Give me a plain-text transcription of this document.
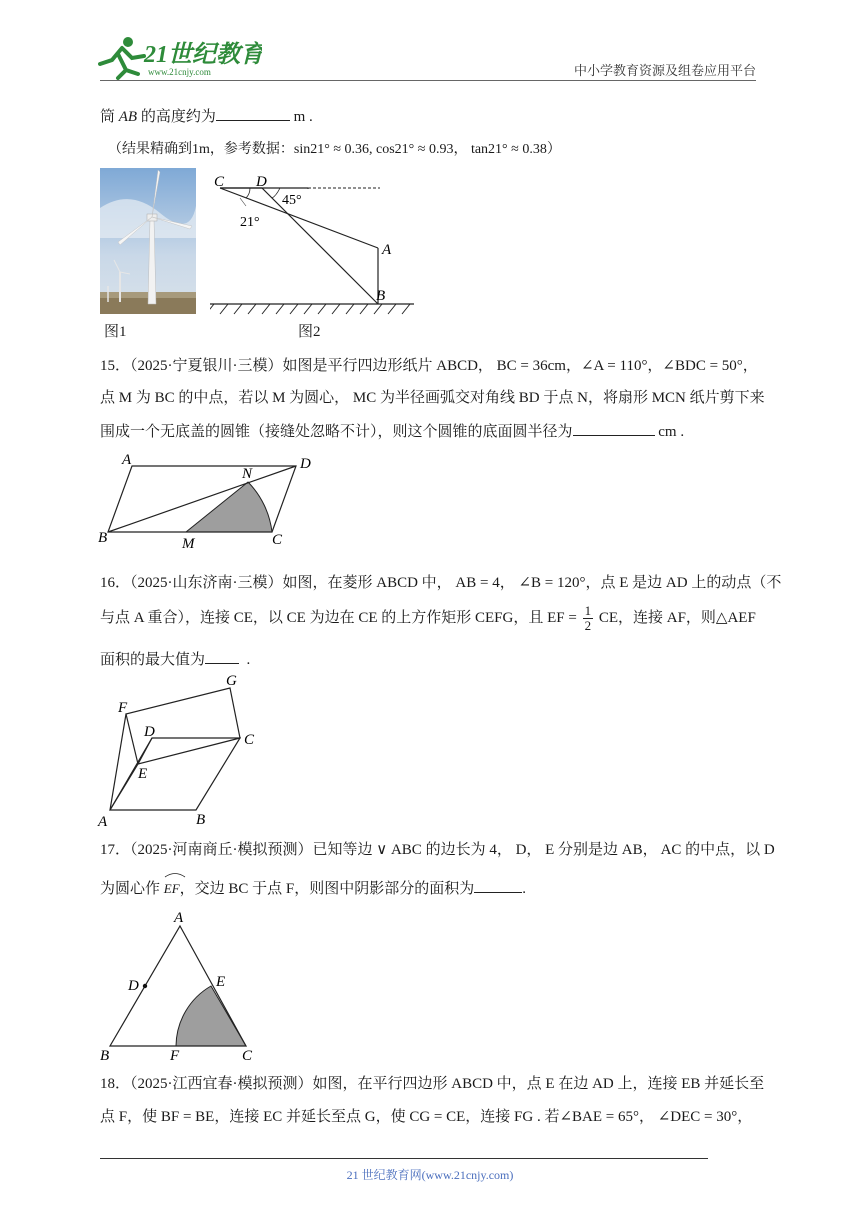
21世纪教育
www.21cnjy.com	中小学教育资源及组卷应用平台
筒 AB 的高度约为	m .
（结果精确到1m，参考数据：sin21° ≈ 0.36, cos21° ≈ 0.93， tan21° ≈ 0.38）
图1
C D
45°
21°
A
B
图2
15．（2025·宁夏银川·三模）如图是平行四边形纸片 ABCD， BC = 36cm，∠A = 110°，∠BDC = 50°，
点 M 为 BC 的中点，若以 M 为圆心， MC 为半径画弧交对角线 BD 于点 N，将扇形 MCN 纸片剪下来
围成一个无底盖的圆锥（接缝处忽略不计），则这个圆锥的底面圆半径为	cm .
A	D
N
B	M	C
16．（2025·山东济南·三模）如图，在菱形 ABCD 中， AB = 4， ∠B = 120°，点 E 是边 AD 上的动点（不
与点 A 重合），连接 CE，以 CE 为边在 CE 的上方作矩形 CEFG，且 EF = $\frac{1}{2}$ CE，连接 AF，则△AEF
面积的最大值为	.
G
F
D	C
E
A	B
17．（2025·河南商丘·模拟预测）已知等边 ∨ ABC 的边长为 4， D， E 分别是边 AB， AC 的中点，以 D
为圆心作 EF，交边 BC 于点 F，则图中阴影部分的面积为	.
A
D	E
B	F	C
18．（2025·江西宜春·模拟预测）如图，在平行四边形 ABCD 中，点 E 在边 AD 上，连接 EB 并延长至
点 F，使 BF = BE，连接 EC 并延长至点 G，使 CG = CE，连接 FG . 若∠BAE = 65°， ∠DEC = 30°，
21 世纪教育网(www.21cnjy.com)
